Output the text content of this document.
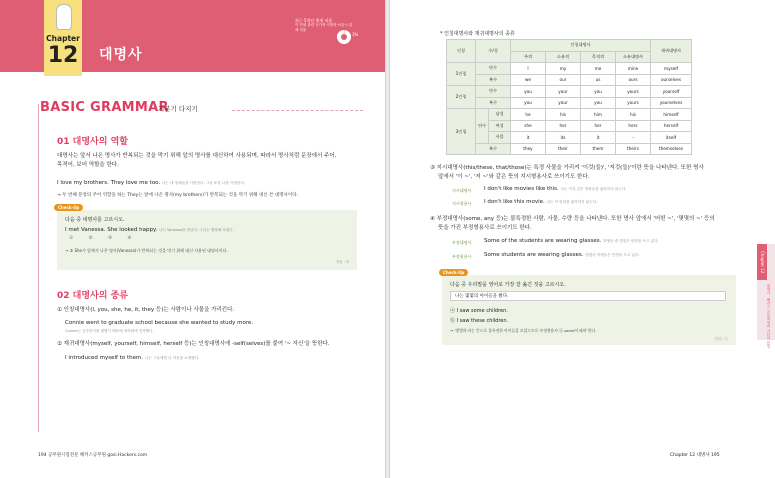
Chapter
12 대명사
최근 5개년 출제 비율
이 단원 관련 국가직·지방직·서울시 출제 비율
3%
BASIC GRAMMAR
기본기 다지기
01 대명사의 역할
대명사는 앞서 나온 명사가 반복되는 것을 막기 위해 앞의 명사를 대신하여 사용되며, 따라서 명사처럼 문장에서 주어,
목적어, 보어 역할을 한다.
I love my brothers. They love me too. 나는 내 형제들을 사랑한다. 그들 또한 나를 사랑한다.
→ 두 번째 문장의 주어 역할을 하는 They는 앞에 나온 명사(my brothers)가 반복되는 것을 막기 위해 대신 쓴 대명사이다.
Check-Up
다음 중 대명사를 고르시오.
I met Vanessa. She looked happy. 나는 Vanessa를 만났다. 그녀는 행복해 보였다.
①	②	③	④
→ ③ She가 앞에서 나온 명사(Vanessa)가 반복되는 것을 막기 위해 대신 사용된 대명사이다.
정답 : ③
02 대명사의 종류
① 인칭대명사(I, you, she, he, it, they 등)는 사람이나 사물을 가리킨다.
Connie went to graduate school because she wanted to study more.
Connie는 공부하기를 원했기 때문에 대학원에 진학했다.
② 재귀대명사(myself, yourself, himself, herself 등)는 인칭대명사에 -self(selves)를 붙여 '~ 자신'을 뜻한다.
I introduced myself to them. 나는 그들에게 나 자신을 소개했다.
194 공무원시험전문 해커스공무원 gosi.Hackers.com
* 인칭대명사와 재귀대명사의 종류
인칭	수/성		인칭대명사				재귀대명사
			주격	소유격	목적격	소유대명사	
1인칭	단수		I	my	me	mine	myself
	복수		we	our	us	ours	ourselves
2인칭	단수		you	your	you	yours	yourself
	복수		you	your	you	yours	yourselves
3인칭	단수	남성	he	his	him	his	himself
		여성	she	her	her	hers	herself
		사물	it	its	it	-	itself
	복수		they	their	them	theirs	themselves
③ 지시대명사(this/these, that/those)는 특정 사물을 가리켜 '이것(들)', '저것(들)'이란 뜻을 나타낸다. 또한 명사
앞에서 '이 ~', '저 ~'와 같은 뜻의 지시형용사로 쓰이기도 한다.
지시대명사 I don't like movies like this. 나는 이것 같은 영화들을 좋아하지 않는다.
지시형용사 I don't like this movie. 나는 이 영화를 좋아하지 않는다.
④ 부정대명사(some, any 등)는 불특정한 사람, 사물, 수량 등을 나타낸다. 또한 명사 앞에서 '어떤 ~', '몇몇의 ~' 등의
뜻을 가진 부정형용사로 쓰이기도 한다.
부정대명사 Some of the students are wearing glasses. 학생들 중 몇몇은 안경을 쓰고 있다.
부정형용사 Some students are wearing glasses. 몇몇의 학생들은 안경을 쓰고 있다.
Check-Up
다음 중 우리말을 영어로 가장 잘 옮긴 것을 고르시오.
나는 몇몇의 아이들을 봤다.
ⓐ I saw some children.
ⓑ I saw these children.
→ '몇몇의'라는 뜻으로 불특정한 아이들을 모았으므로 부정형용사 ⓐ some이 와야 한다.
정답 : ⓐ
Chapter 12
대명사 · 해커스 공무원 영어 기본서 문법
Chapter 12 대명사 195
